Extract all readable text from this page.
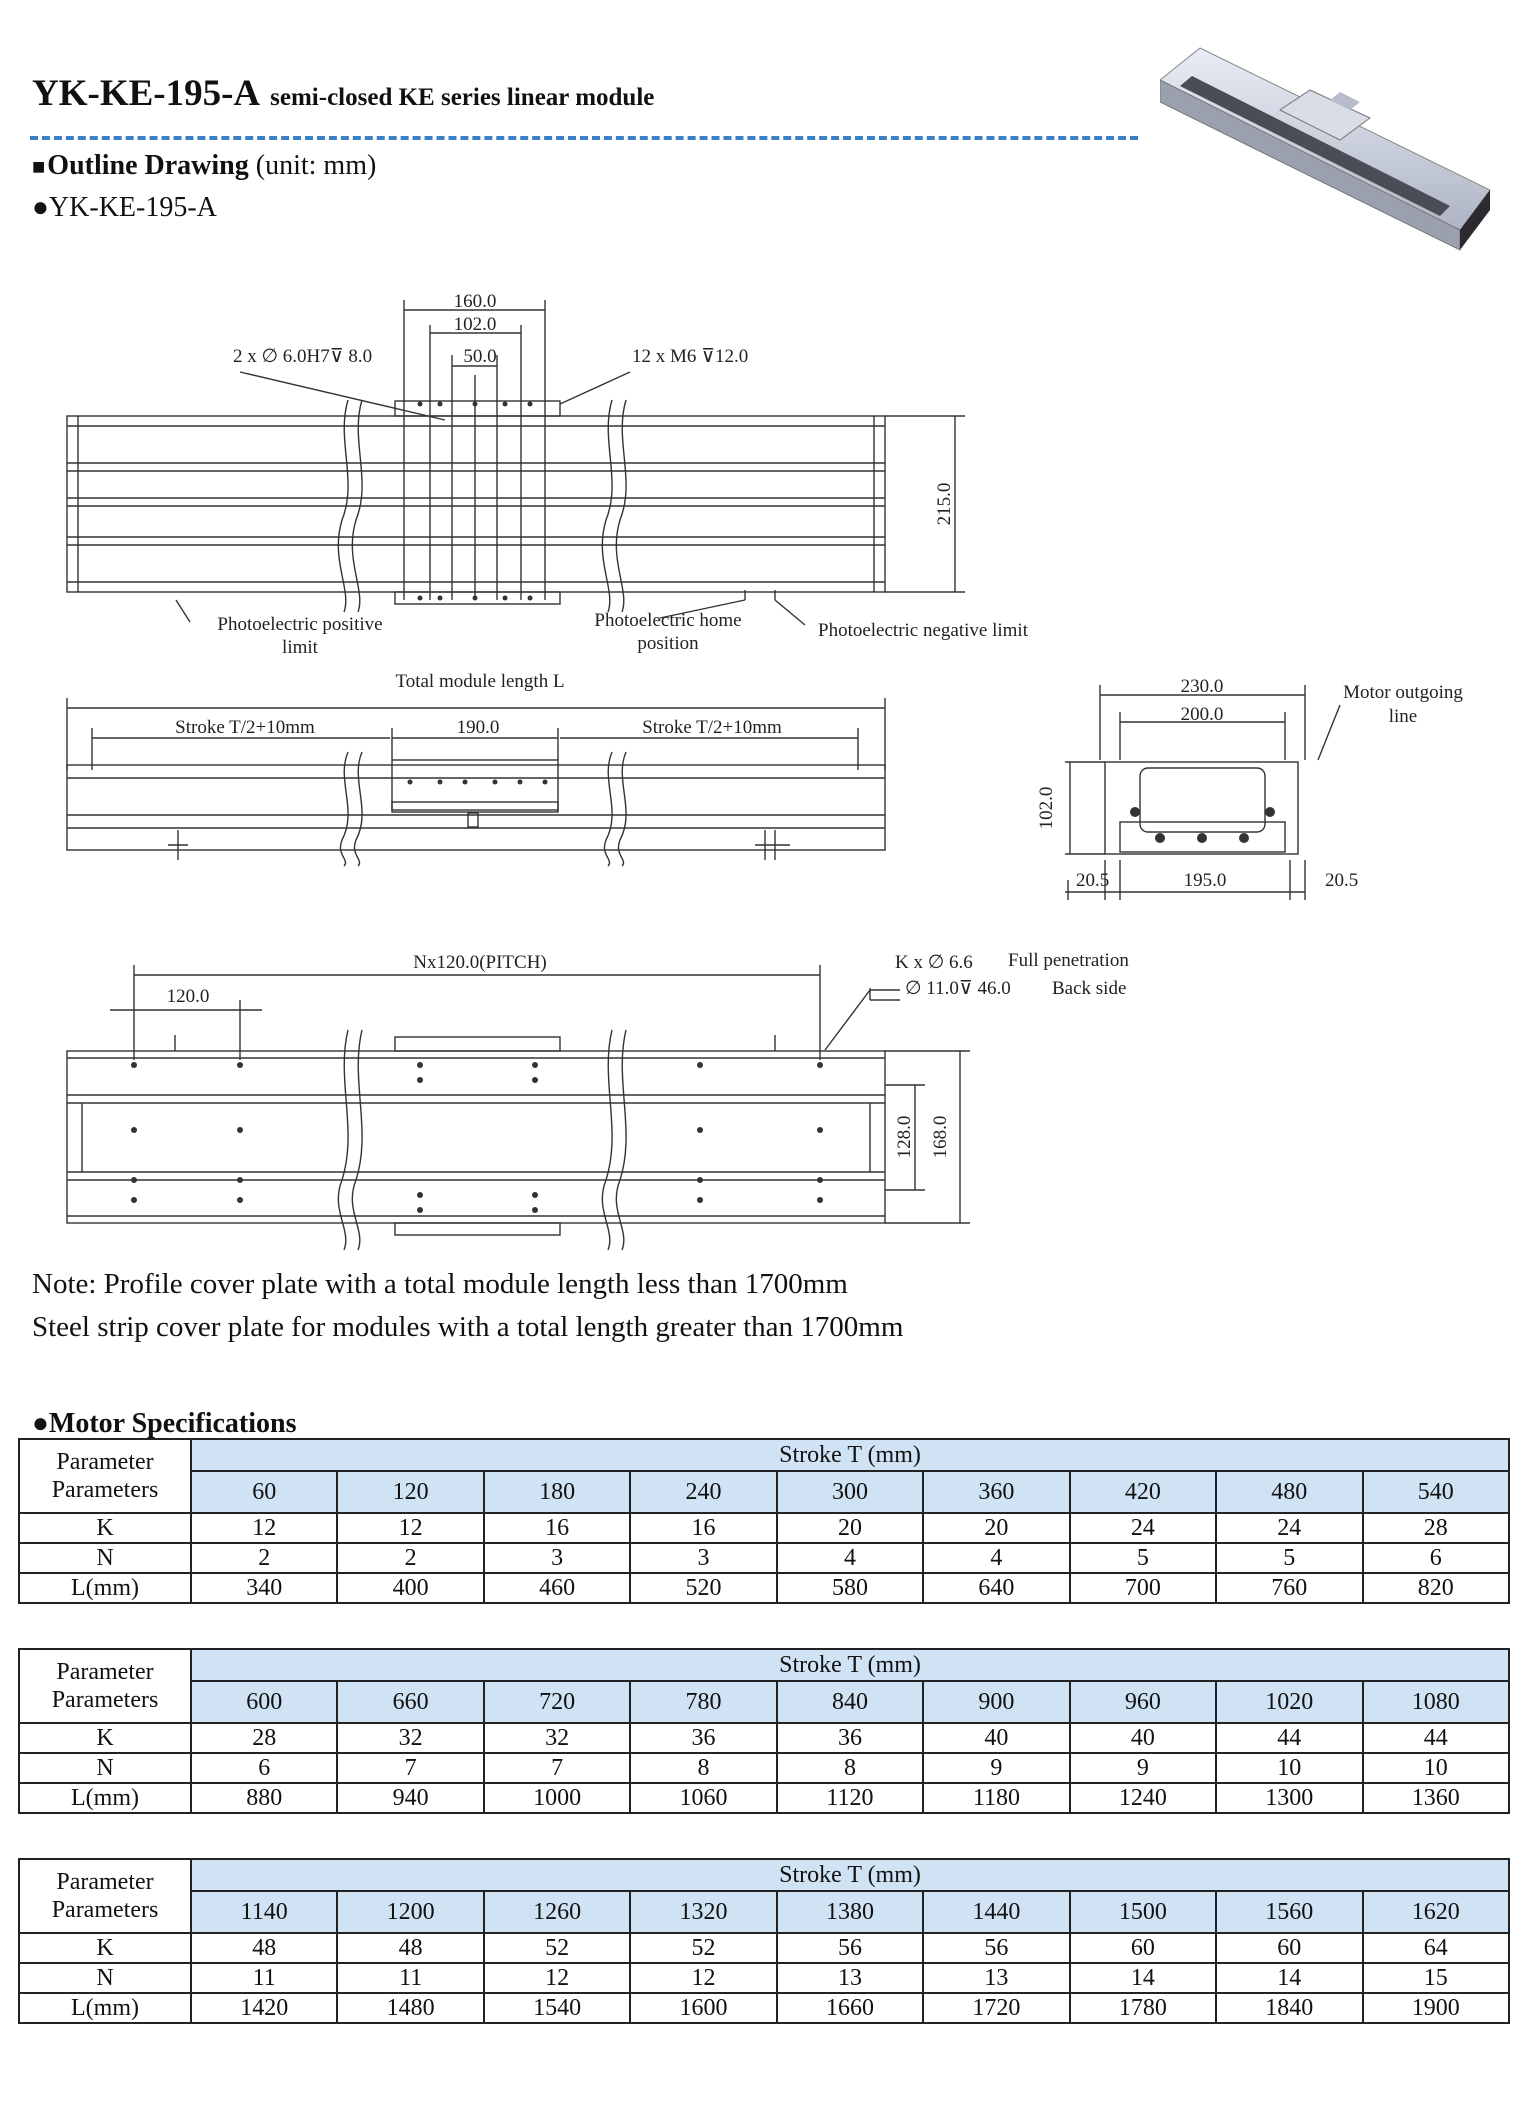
YK-KE-195-A semi-closed KE series linear module
■Outline Drawing (unit: mm)
●YK-KE-195-A
160.0
102.0
50.0
2 x ∅ 6.0H7⊽ 8.0	12 x M6 ⊽12.0
215.0
Photoelectric positive
limit
Photoelectric home
position
Photoelectric negative limit
Total module length L
Stroke T/2+10mm	190.0	Stroke T/2+10mm
Nx120.0(PITCH)
120.0
K x ∅ 6.6 Full penetration
∅ 11.0⊽ 46.0 Back side
128.0 168.0
230.0
200.0
Motor outgoing
line
102.0
20.5	195.0	20.5
Note: Profile cover plate with a total module length less than 1700mm
Steel strip cover plate for modules with a total length greater than 1700mm
●Motor Specifications
Parameter
Parameters	Stroke T (mm)								
	60	120	180	240	300	360	420	480	540
K	12	12	16	16	20	20	24	24	28
N	2	2	3	3	4	4	5	5	6
L(mm)	340	400	460	520	580	640	700	760	820
Parameter
Parameters	Stroke T (mm)								
	600	660	720	780	840	900	960	1020	1080
K	28	32	32	36	36	40	40	44	44
N	6	7	7	8	8	9	9	10	10
L(mm)	880	940	1000	1060	1120	1180	1240	1300	1360
Parameter
Parameters	Stroke T (mm)								
	1140	1200	1260	1320	1380	1440	1500	1560	1620
K	48	48	52	52	56	56	60	60	64
N	11	11	12	12	13	13	14	14	15
L(mm)	1420	1480	1540	1600	1660	1720	1780	1840	1900
